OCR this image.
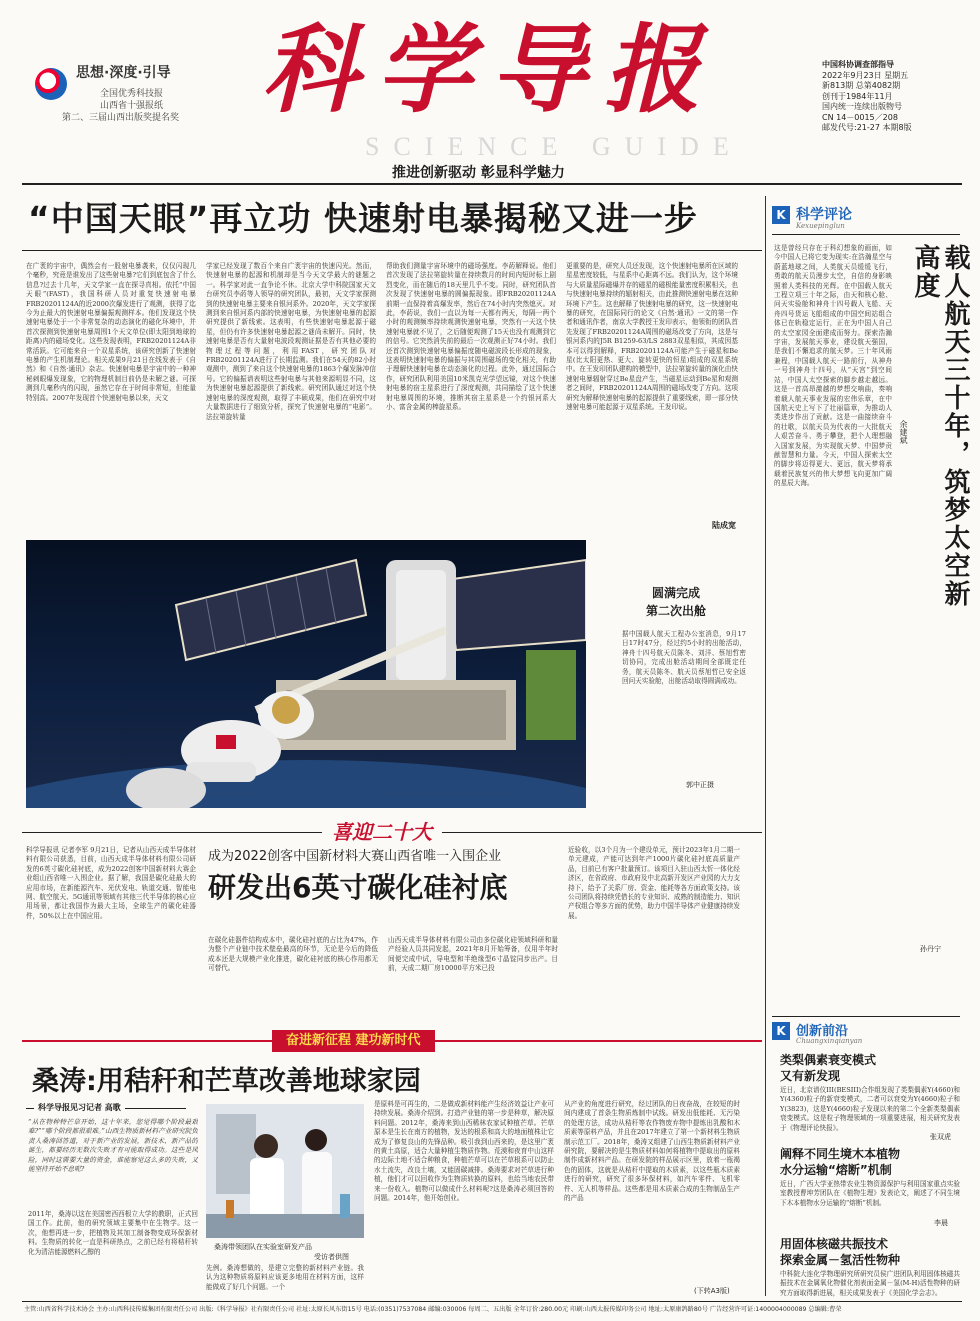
思想·深度·引导
全国优秀科技报
山西省十强报纸
第二、三届山西出版奖提名奖 科学导报
SCIENCE GUIDE
推进创新驱动 彰显科学魅力
中国科协调查部指导
2022年9月23日 星期五
新813期 总第4082期
创刊于1984年11月
国内统一连续出版物号
CN 14－0015／208
邮发代号:21-27 本期8版
“中国天眼”再立功 快速射电暴揭秘又进一步
在广袤的宇宙中，偶然会有一股射电暴袭来，仅仅闪现几个毫秒，究竟是谁发出了这些射电暴?它们到底包含了什么信息?过去十几年，天文学家一直在探寻真相。依托“中国天眼”(FAST)，我国科研人员对重复快速射电暴FRB20201124A的近2000次爆发进行了观测，获得了迄今为止最大的快速射电暴偏振观测样本。他们发现这个快速射电暴处于一个非常复杂的动态演化的磁化环境中，并首次探测到快速射电暴周围1个天文单位(即太阳到地球的距离)内的磁场变化。这些发现表明，FRB20201124A非常活跃。它可能来自一个双星系统，该研究创新了快速射电暴的产生机制理论。相关成果9月21日在线发表于《自然》和《自然·通讯》杂志。快速射电暴是宇宙中的一种神秘刺眼爆发现象，它的物理机制目前仍是未解之谜。可探测到几毫秒内的闪现，虽然它存在于时间非常短，但能量特别高。2007年发现首个快速射电暴以来，天文
学家已经发现了数百个来自广袤宇宙的快速闪光。然而，快速射电暴的起源和机制却是当今天文学最大的谜题之一。科学家对此一直争论不休。北京大学中科院国家天文台研究员李菂等人领导的研究团队，最初，天文学家探测到的快速射电暴主要来自银河系外。2020年，天文学家探测到来自银河系内部的快速射电暴，为快速射电暴的起源研究提供了新线索。这表明，有些快速射电暴起源于磁星，但仍有许多快速射电暴起源之谜尚未解开。同时，快速射电暴是否有大量射电波段观测证据是否有其他必要的物理过程等问题，利用FAST，研究团队对FRB20201124A进行了长期监测。我们在54天的82小时观测中，测到了来自这个快速射电暴的1863个爆发脉冲信号。它的偏振谱表明这些射电暴与其他来源明显不同，这为快速射电暴起源提供了新线索。研究团队通过对这个快速射电暴的深度观测，取得了丰硕成果，他们在研究中对大量数据进行了细致分析，探究了快速射电暴的“电影”。法拉第旋转量
帮助我们测量宇宙环境中的磁场强度。李菂解释说。他们首次发现了法拉第旋转量在持续数月的时间内短时标上剧烈变化，而在随后的18天里几乎不变。同时，研究团队首次发现了快速射电暴的圆偏振现象。即FRB20201124A前期一直保持着高爆发率，然后在74小时内突然熄灭。对此，李菂说，我们一直以为每一天都有两天，每隔一两个小时的观测频率持续观测快速射电暴，突然有一天这个快速射电暴就不见了，之后随便观测了15天也没有观测到它的信号。它突然消失前的最后一次观测正好74小时。我们还首次测到快速射电暴偏振度随电磁波段长形成的现象，这表明快速射电暴的偏振与其周围磁场的变化相关，有助于理解快速射电暴在动态演化的过程。此外，通过国际合作，研究团队利用美国10米凯克光学望远镜，对这个快速射电暴的宿主星系进行了深度观测，共同描绘了这个快速射电暴周围的环境，推断其宿主星系是一个约银河系大小、富含金属的棒旋星系。
更重要的是，研究人员还发现，这个快速射电暴所在区域的星星密度较低，与星系中心距离不远。我们认为，这个环境与大质量星际磁爆并存的磁星的磁极能量密度积累相关，也与快速射电暴持续的辐射相关，由此推测快速射电暴在这种环境下产生。这也解释了快速射电暴的研究，这一快速射电暴的研究，在国际同行的论文《自然·通讯》一文的第一作者和通讯作者，南京大学教授王发印表示，他领衔的团队首先发现了FRB20201124A周围的磁场改变了方向，这是与银河系内的J5R B1259-63/LS 2883双星相似，其成因基本可以得到解释，FRB20201124A可能产生于磁星和Be星(比太阳更热、更大、旋转更快的恒星)组成的双星系统中。在王发印团队建构的模型中，法拉第旋转量的演化由快速射电暴辐射穿过Be星盘产生，当磁星运动到Be星和观测者之间时，FRB20201124A周围的磁场改变了方向。这项研究为解释快速射电暴的起源提供了重要线索，即一部分快速射电暴可能起源于双星系统。王发印说。
陆成宽
圆满完成
第二次出舱
据中国载人航天工程办公室消息，9月17日17时47分，经过约5小时的出舱活动，神舟十四号航天员陈冬、刘洋、蔡旭哲密切协同，完成出舱活动期间全部既定任务，航天员陈冬、航天员蔡旭哲已安全返回问天实验舱，出舱活动取得圆满成功。
郭中正摄
喜迎二十大
科学导报讯 记者李军 9月21日，记者从山西天成半导体材料有限公司获悉，目前，山西天成半导体材料有限公司研发的6英寸碳化硅衬底，成为2022创客中国新材料大赛企业组山西省唯一入围企业。据了解，我国是碳化硅最大的应用市场，在新能源汽车、光伏发电、轨道交通、智能电网、航空航天、5G通讯等领域有其他三代半导体的核心应用场景，都让我国作为最大主场，全球生产的碳化硅器件，50%以上在中国应用。
成为2022创客中国新材料大赛山西省唯一入围企业
研发出6英寸碳化硅衬底
在碳化硅器件结构成本中，碳化硅衬底的占比为47%，作为整个产业链中技术壁垒最高的环节，无论是今后的降低成本还是大规模产业化推进，碳化硅衬底的核心作用都无可替代。
山西天成半导体材料有限公司由多位碳化硅领域科研和量产经验人员共同发起，2021年8月开始筹备，仅用半年时间便完成中试，导电型和半绝缘型6寸晶锭同步出产。目前，天成二期厂房10000平方米已投
近验收，以3个月为一个建设单元，预计2023年1月二期一单元建成，产能可达到年产1000片碳化硅衬底高质量产品，目前已有客户批量预订。该项目入驻山西太忻一体化经济区，在省政府、市政府及中北高新开发区产业园的大力支持下，给予了关系厂房、资金、能耗等各方面政策支持。该公司团队将持续凭借长的专业知识、成熟的制造能力、知识产权组合等多方面的优势，助力中国半导体产业健康持续发展。
奋进新征程 建功新时代
桑涛:用秸秆和芒草改善地球家园
科学导报见习记者 高歌
“从在物种特芒草开始，这十年来，您觉得哪个阶段最艰难?”“哪个阶段都很艰难。”山西生物质新材料产业研究院负责人桑涛回答道，对于新产业的发展，新技术、新产品的诞生，都要经历无数次失败才有可能取得成功。这些是风险，同时这需要大量的资金，谁能察觉这么多的失败，又能坚持开始不息呢?
2011年，桑涛以这在美国密西西根立大学的教职，正式回国工作。此前，他的研究领域主要集中在生物学。这一次，他想再进一步，把植物及其加工制备物变成环保新材料。生物质的转化一直是科研热点，之前已经有将秸秆转化为清洁能源燃料乙醇的
桑涛带领团队在实验室研发产品
受访者供图
先例。桑涛想做的，是建立完整的新材料产业链。我认为这种物质将原料应该更多地用在材料方面，这样能做成了好几个问题。一个
是原料是可再生的，二是做成新材料能产生经济效益让产业可持续发展。桑涛介绍到。打造产业链的第一步是种草，解决原料问题。2012年，桑涛来到山西稀林农家试种植芒草。芒草原本是生长在南方的植物，发达的根系和高大的地面植株让它成为了修复良山的先锋品种。吸引我到山西来的，是这里广袤的黄土高原，适合大量种植生物质作物。荒漠和夜育中山这样的边际土地不适合种粮食，种植芒草可以在芒草根系可以防止水土流失，改良土壤，又能固碳减排。桑涛要求对芒草进行种植，他们才可以回收作为生物质转换的原料，也给当地农民带来一份收入。植物可以做成什么材料呢?这是桑涛必须回答的问题。2014年，他开始创业。
从产业的角度进行研究，经过团队的日夜奋战，在较短的时间内建成了首条生物质炼制中试线。研发出低能耗、无污染的处理方法，成功从秸秆等农作物废弃物中提炼出乳酸和木质素等原料产品，并且在2017年建立了第一个新材料生物质制示范工厂。2018年，桑涛又组建了山西生物质新材料产业研究院，要解决的是生物质材料如何将植物中提取出的原料制作成新材料产品。在研发院的样品展示区里，放着一瓶褐色的固体，这就是从秸秆中提取的木质素，以这些瓶木质素进行的研究，研究了很多环保材料，如汽车零件、飞机零件、无人机等样品。这些都是用木质素合成的生物制品生产的产品
(下转A3版)
K 科学评论
Kexuepinglun
载人航天三十年，筑梦太空新高度
余建斌
这是曾经只存在于科幻想象的画面，如今中国人已将它变为现实:在浩瀚星空与蔚蓝地球之间，人类航天员缓缓飞行，勇敢的航天员漫步太空，自信的身影映照着人类科技的光辉。在中国载人航天工程立项三十年之际，由天和核心舱、问天实验舱和神舟十四号载人飞船、天舟四号货运飞船组成的中国空间站组合体已在轨稳定运行，正在为中国人自己的太空家园全面建成而努力。探索浩瀚宇宙，发展航天事业，建设航天强国，是我们不懈追求的航天梦。三十年风雨兼程，中国载人航天一路前行，从神舟一号到神舟十四号，从“天宫”到空间站，中国人太空探索的脚步越走越远。这是一首高昂激越的梦想交响曲，奏响着载人航天事业发展的宏伟乐章，在中国航天史上写下了壮丽篇章，为推动人类进步作出了贡献。这是一曲接续奋斗的壮歌，以航天员为代表的一大批航天人艰苦奋斗、勇于攀登，把个人理想融入国家发展，为实现航天梦、中国梦贡献智慧和力量。今天，中国人探索太空的脚步将迈得更大、更远，航天梦将承载着民族复兴的伟大梦想飞向更加广阔的星辰大海。
孙丹宁
K 创新前沿
Chuangxinqianyan
类梨偶素衰变模式
又有新发现
近日，北京谱仪III(BESIII)合作组发现了类梨偶素Y(4660)和Y(4360)粒子的新衰变模式，二者可以衰变为Y(4660)粒子和Y(3823)，这是Y(4660)粒子发现以来的第二个全新类梨偶素衰变模式。这是粒子物理领域的一项重要进展，相关研究发表于《物理评论快报》。
张双虎
阐释不同生境木本植物
水分运输“熔断”机制
近日，广西大学亚热带农业生物资源保护与利用国家重点实验室教授曹坤芳团队在《植物生理》发表论文，阐述了不同生境下木本植物水分运输的“熔断”机制。
李晨
用固体核磁共振技术
探索金属－氢活性物种
中科院大连化学物理研究所研究员侯广进团队利用固体核磁共振技术在金属氧化物催化剂表面金属－氢(M-H)活性物种的研究方面取得新进展，相关成果发表于《美国化学会志》。
主管:山西省科学技术协会 主办:山西科技传媒集团有限责任公司 出版:《科学导报》社有限责任公司 社址:太原长风东街15号 电话:(0351)7537084 邮编:030006 每周二、五出版 全年订价:280.00元 印刷:山西太报传媒印务公司 地址:太原康鸽路80号 广告经营许可证:1400004000089 总编辑:曹荣
